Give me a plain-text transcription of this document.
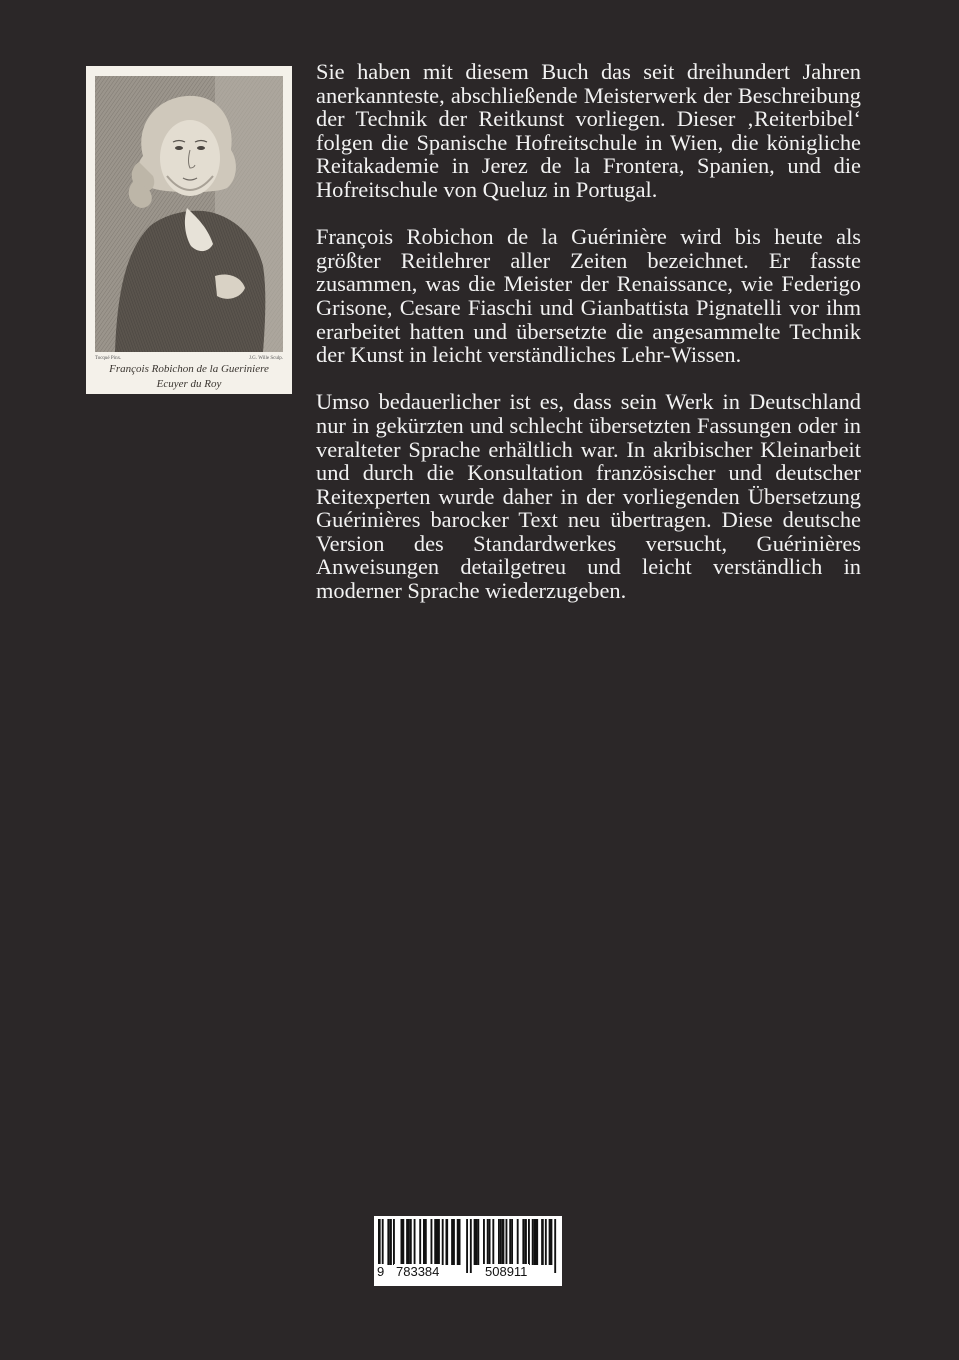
Tocqué Pinx.	J.G. Wille Sculp.
François Robichon de la Gueriniere
Ecuyer du Roy

Sie haben mit diesem Buch das seit dreihundert Jahren anerkannteste, abschließende Meisterwerk der Beschreibung der Technik der Reitkunst vorliegen. Dieser ‚Reiterbibel‘ folgen die Spanische Hofreitschule in Wien, die königliche Reitakademie in Jerez de la Frontera, Spanien, und die Hofreitschule von Queluz in Portugal.

François Robichon de la Guérinière wird bis heute als größter Reitlehrer aller Zeiten bezeichnet. Er fasste zusammen, was die Meister der Renaissance, wie Federigo Grisone, Cesare Fiaschi und Gianbattista Pignatelli vor ihm erarbeitet hatten und übersetzte die angesammelte Technik der Kunst in leicht verständliches Lehr-Wissen.

Umso bedauerlicher ist es, dass sein Werk in Deutschland nur in gekürzten und schlecht übersetzten Fassungen oder in veralteter Sprache erhältlich war. In akribischer Kleinarbeit und durch die Konsultation französischer und deutscher Reitexperten wurde daher in der vorliegenden Übersetzung Guérinières barocker Text neu übertragen. Diese deutsche Version des Standardwerkes versucht, Guérinières Anweisungen detailgetreu und leicht verständlich in moderner Sprache wiederzugeben.

9 783384	508911
